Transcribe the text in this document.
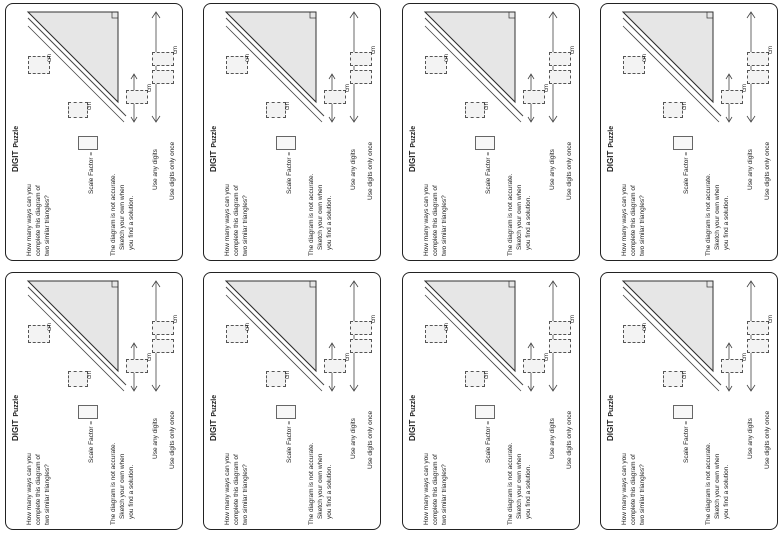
cm
cm
cm
cm
DIGITPuzzle
How many ways can you complete this diagram of two similar triangles?
Scale Factor =
The diagram is not accurate. Sketch your own when you find a solution.
Use any digits Use digits only once
cm
cm
cm
cm
DIGITPuzzle
How many ways can you complete this diagram of two similar triangles?
Scale Factor =
The diagram is not accurate. Sketch your own when you find a solution.
Use any digits Use digits only once
cm
cm
cm
cm
DIGITPuzzle
How many ways can you complete this diagram of two similar triangles?
Scale Factor =
The diagram is not accurate. Sketch your own when you find a solution.
Use any digits Use digits only once
cm
cm
cm
cm
DIGITPuzzle
How many ways can you complete this diagram of two similar triangles?
Scale Factor =
The diagram is not accurate. Sketch your own when you find a solution.
Use any digits Use digits only once
cm
cm
cm
cm
DIGITPuzzle
How many ways can you complete this diagram of two similar triangles?
Scale Factor =
The diagram is not accurate. Sketch your own when you find a solution.
Use any digits Use digits only once
cm
cm
cm
cm
DIGITPuzzle
How many ways can you complete this diagram of two similar triangles?
Scale Factor =
The diagram is not accurate. Sketch your own when you find a solution.
Use any digits Use digits only once
cm
cm
cm
cm
DIGITPuzzle
How many ways can you complete this diagram of two similar triangles?
Scale Factor =
The diagram is not accurate. Sketch your own when you find a solution.
Use any digits Use digits only once
cm
cm
cm
cm
DIGITPuzzle
How many ways can you complete this diagram of two similar triangles?
Scale Factor =
The diagram is not accurate. Sketch your own when you find a solution.
Use any digits Use digits only once
